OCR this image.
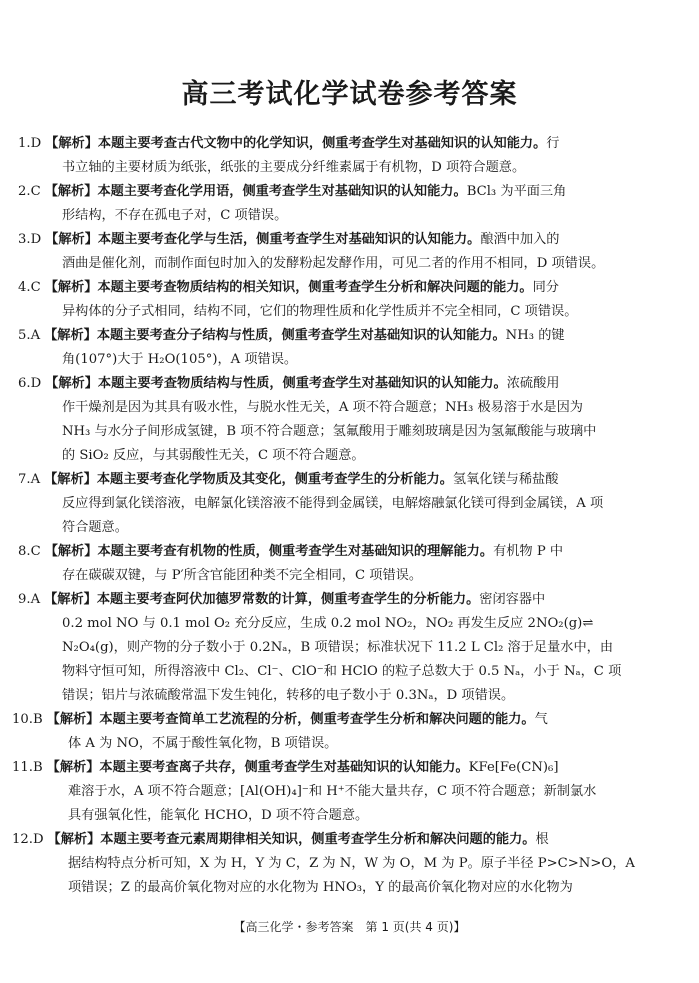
高三考试化学试卷参考答案
1.D 【解析】本题主要考查古代文物中的化学知识，侧重考查学生对基础知识的认知能力。行
书立轴的主要材质为纸张，纸张的主要成分纤维素属于有机物，D 项符合题意。
2.C 【解析】本题主要考查化学用语，侧重考查学生对基础知识的认知能力。BCl₃ 为平面三角
形结构，不存在孤电子对，C 项错误。
3.D 【解析】本题主要考查化学与生活，侧重考查学生对基础知识的认知能力。酿酒中加入的
酒曲是催化剂，而制作面包时加入的发酵粉起发酵作用，可见二者的作用不相同，D 项错误。
4.C 【解析】本题主要考查物质结构的相关知识，侧重考查学生分析和解决问题的能力。同分
异构体的分子式相同，结构不同，它们的物理性质和化学性质并不完全相同，C 项错误。
5.A 【解析】本题主要考查分子结构与性质，侧重考查学生对基础知识的认知能力。NH₃ 的键
角(107°)大于 H₂O(105°)，A 项错误。
6.D 【解析】本题主要考查物质结构与性质，侧重考查学生对基础知识的认知能力。浓硫酸用
作干燥剂是因为其具有吸水性，与脱水性无关，A 项不符合题意；NH₃ 极易溶于水是因为
NH₃ 与水分子间形成氢键，B 项不符合题意；氢氟酸用于雕刻玻璃是因为氢氟酸能与玻璃中
的 SiO₂ 反应，与其弱酸性无关，C 项不符合题意。
7.A 【解析】本题主要考查化学物质及其变化，侧重考查学生的分析能力。氢氧化镁与稀盐酸
反应得到氯化镁溶液，电解氯化镁溶液不能得到金属镁，电解熔融氯化镁可得到金属镁，A 项
符合题意。
8.C 【解析】本题主要考查有机物的性质，侧重考查学生对基础知识的理解能力。有机物 P 中
存在碳碳双键，与 P′所含官能团种类不完全相同，C 项错误。
9.A 【解析】本题主要考查阿伏加德罗常数的计算，侧重考查学生的分析能力。密闭容器中
0.2 mol NO 与 0.1 mol O₂ 充分反应，生成 0.2 mol NO₂，NO₂ 再发生反应 2NO₂(g)⇌
N₂O₄(g)，则产物的分子数小于 0.2Nₐ，B 项错误；标准状况下 11.2 L Cl₂ 溶于足量水中，由
物料守恒可知，所得溶液中 Cl₂、Cl⁻、ClO⁻和 HClO 的粒子总数大于 0.5 Nₐ，小于 Nₐ，C 项
错误；铝片与浓硫酸常温下发生钝化，转移的电子数小于 0.3Nₐ，D 项错误。
10.B 【解析】本题主要考查简单工艺流程的分析，侧重考查学生分析和解决问题的能力。气
体 A 为 NO，不属于酸性氧化物，B 项错误。
11.B 【解析】本题主要考查离子共存，侧重考查学生对基础知识的认知能力。KFe[Fe(CN)₆]
难溶于水，A 项不符合题意；[Al(OH)₄]⁻和 H⁺不能大量共存，C 项不符合题意；新制氯水
具有强氧化性，能氧化 HCHO，D 项不符合题意。
12.D 【解析】本题主要考查元素周期律相关知识，侧重考查学生分析和解决问题的能力。根
据结构特点分析可知，X 为 H，Y 为 C，Z 为 N，W 为 O，M 为 P。原子半径 P>C>N>O，A
项错误；Z 的最高价氧化物对应的水化物为 HNO₃，Y 的最高价氧化物对应的水化物为
【高三化学・参考答案　第 1 页(共 4 页)】
